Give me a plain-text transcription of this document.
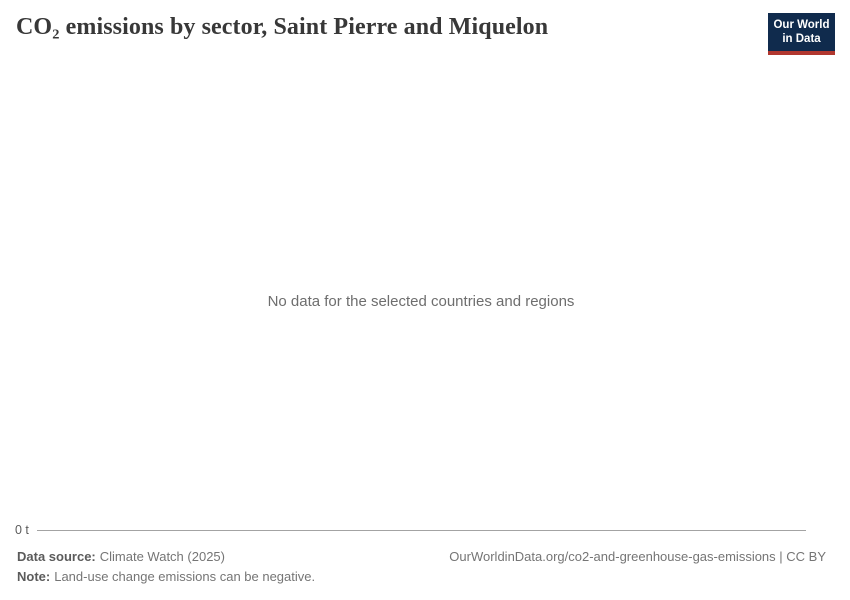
CO₂ emissions by sector, Saint Pierre and Miquelon	Our World
in Data
No data for the selected countries and regions
0 t
Data source: Climate Watch (2025)	OurWorldinData.org/co2-and-greenhouse-gas-emissions | CC BY
Note: Land-use change emissions can be negative.
